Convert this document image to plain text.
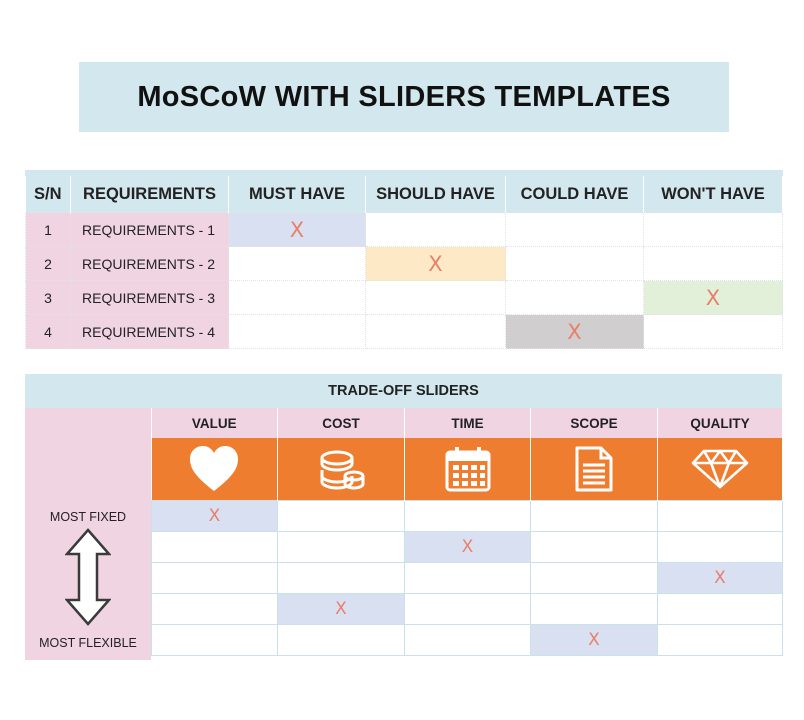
MoSCoW WITH SLIDERS TEMPLATES
S/N	REQUIREMENTS	MUST HAVE	SHOULD HAVE	COULD HAVE	WON'T HAVE
1	REQUIREMENTS - 1	X			
2	REQUIREMENTS - 2		X		
3	REQUIREMENTS - 3				X
4	REQUIREMENTS - 4			X	
TRADE-OFF SLIDERS
MOST FIXED
MOST FLEXIBLE
VALUE	COST	TIME	SCOPE	QUALITY

X				
		X		
				X
	X			
			X	
